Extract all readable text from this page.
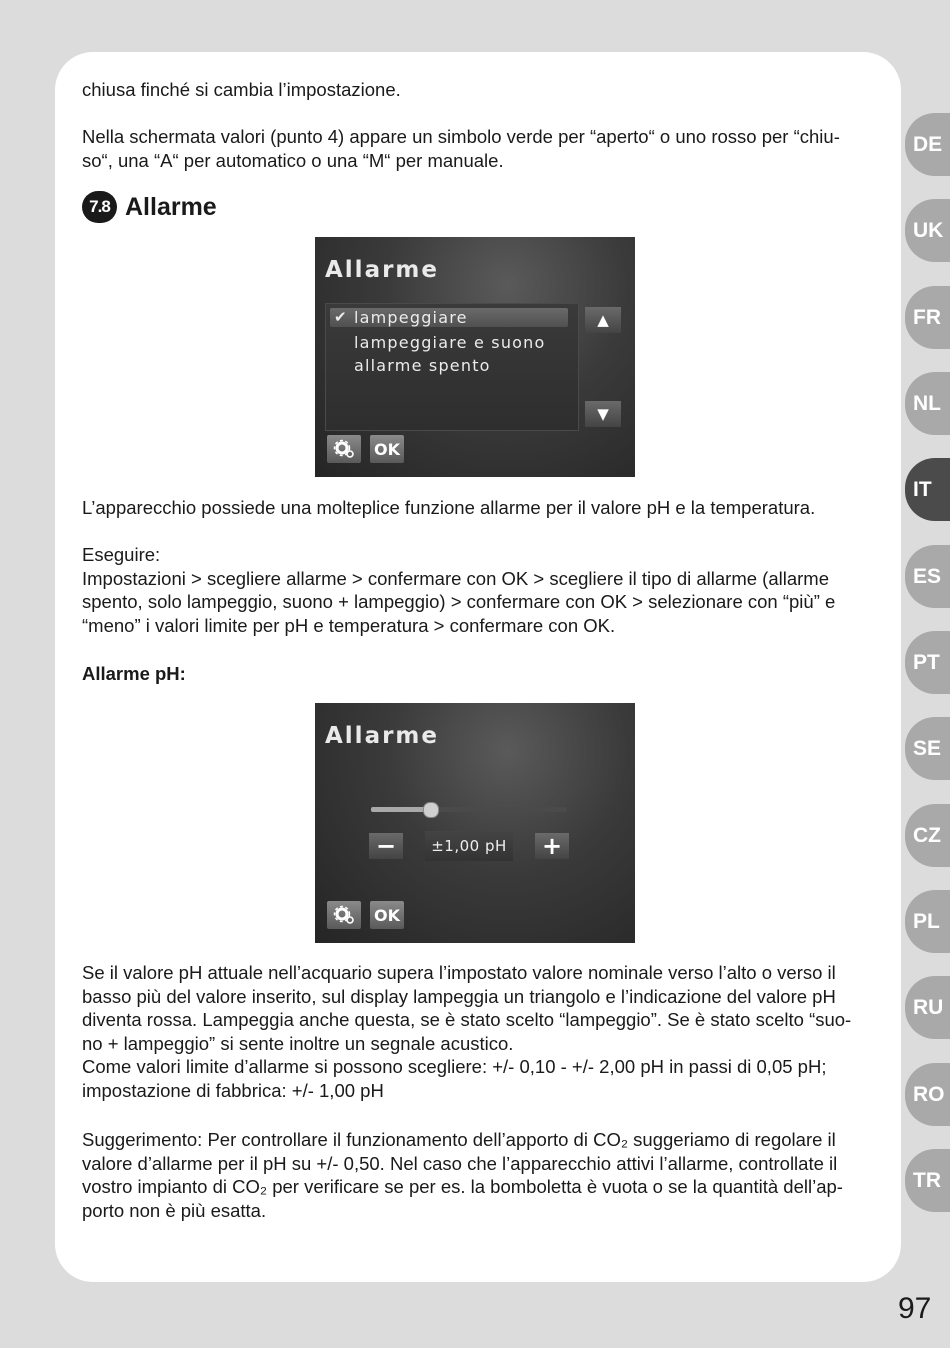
chiusa finché si cambia l’impostazione.

Nella schermata valori (punto 4) appare un simbolo verde per “aperto“ o uno rosso per “chiu-

so“, una “A“ per automatico o una “M“ per manuale.

7.8 Allarme
Allarme
✔ lampeggiare
lampeggiare e suono
allarme spento
▲
▼
OK
L’apparecchio possiede una molteplice funzione allarme per il valore pH e la temperatura.

Eseguire:

Impostazioni > scegliere allarme > confermare con OK > scegliere il tipo di allarme (allarme

spento, solo lampeggio, suono + lampeggio) > confermare con OK > selezionare con “più” e

“meno” i valori limite per pH e temperatura > confermare con OK.

Allarme pH:
Allarme
−	±1,00 pH +
OK

Se il valore pH attuale nell’acquario supera l’impostato valore nominale verso l’alto o verso il

basso più del valore inserito, sul display lampeggia un triangolo e l’indicazione del valore pH

diventa rossa. Lampeggia anche questa, se è stato scelto “lampeggio”. Se è stato scelto “suo-

no + lampeggio” si sente inoltre un segnale acustico.

Come valori limite d’allarme si possono scegliere: +/- 0,10 - +/- 2,00 pH in passi di 0,05 pH;

impostazione di fabbrica: +/- 1,00 pH

Suggerimento: Per controllare il funzionamento dell’apporto di CO₂ suggeriamo di regolare il

valore d’allarme per il pH su +/- 0,50. Nel caso che l’apparecchio attivi l’allarme, controllate il

vostro impianto di CO₂ per verificare se per es. la bomboletta è vuota o se la quantità dell’ap-

porto non è più esatta.

DE
UK
FR
NL
IT
ES
PT
SE
CZ
PL
RU
RO
TR
97
